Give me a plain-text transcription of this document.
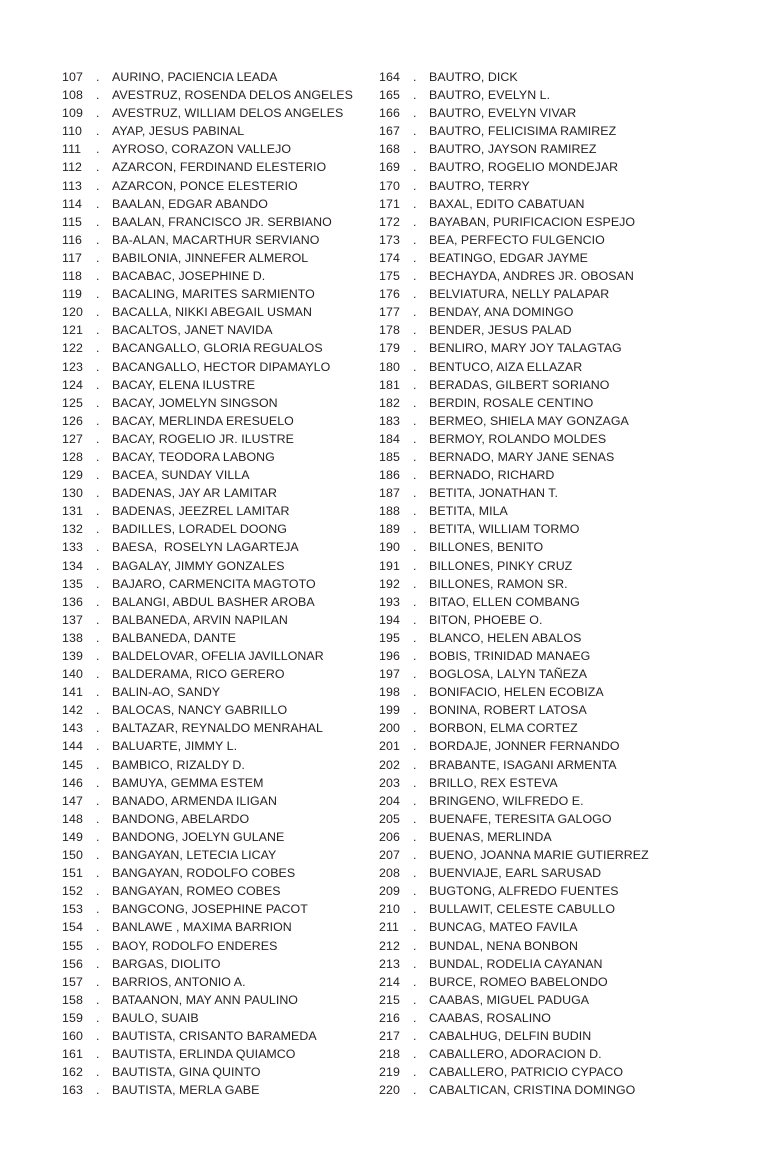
107	.	AURINO, PACIENCIA LEADA
108	.	AVESTRUZ, ROSENDA DELOS ANGELES
109	.	AVESTRUZ, WILLIAM DELOS ANGELES
110	.	AYAP, JESUS PABINAL
111	.	AYROSO, CORAZON VALLEJO
112	.	AZARCON, FERDINAND ELESTERIO
113	.	AZARCON, PONCE ELESTERIO
114	.	BAALAN, EDGAR ABANDO
115	.	BAALAN, FRANCISCO JR. SERBIANO
116	.	BA-ALAN, MACARTHUR SERVIANO
117	.	BABILONIA, JINNEFER ALMEROL
118	.	BACABAC, JOSEPHINE D.
119	.	BACALING, MARITES SARMIENTO
120	.	BACALLA, NIKKI ABEGAIL USMAN
121	.	BACALTOS, JANET NAVIDA
122	.	BACANGALLO, GLORIA REGUALOS
123	.	BACANGALLO, HECTOR DIPAMAYLO
124	.	BACAY, ELENA ILUSTRE
125	.	BACAY, JOMELYN SINGSON
126	.	BACAY, MERLINDA ERESUELO
127	.	BACAY, ROGELIO JR. ILUSTRE
128	.	BACAY, TEODORA LABONG
129	.	BACEA, SUNDAY VILLA
130	.	BADENAS, JAY AR LAMITAR
131	.	BADENAS, JEEZREL LAMITAR
132	.	BADILLES, LORADEL DOONG
133	.	BAESA,  ROSELYN LAGARTEJA
134	.	BAGALAY, JIMMY GONZALES
135	.	BAJARO, CARMENCITA MAGTOTO
136	.	BALANGI, ABDUL BASHER AROBA
137	.	BALBANEDA, ARVIN NAPILAN
138	.	BALBANEDA, DANTE
139	.	BALDELOVAR, OFELIA JAVILLONAR
140	.	BALDERAMA, RICO GERERO
141	.	BALIN-AO, SANDY
142	.	BALOCAS, NANCY GABRILLO
143	.	BALTAZAR, REYNALDO MENRAHAL
144	.	BALUARTE, JIMMY L.
145	.	BAMBICO, RIZALDY D.
146	.	BAMUYA, GEMMA ESTEM
147	.	BANADO, ARMENDA ILIGAN
148	.	BANDONG, ABELARDO
149	.	BANDONG, JOELYN GULANE
150	.	BANGAYAN, LETECIA LICAY
151	.	BANGAYAN, RODOLFO COBES
152	.	BANGAYAN, ROMEO COBES
153	.	BANGCONG, JOSEPHINE PACOT
154	.	BANLAWE , MAXIMA BARRION
155	.	BAOY, RODOLFO ENDERES
156	.	BARGAS, DIOLITO
157	.	BARRIOS, ANTONIO A.
158	.	BATAANON, MAY ANN PAULINO
159	.	BAULO, SUAIB
160	.	BAUTISTA, CRISANTO BARAMEDA
161	.	BAUTISTA, ERLINDA QUIAMCO
162	.	BAUTISTA, GINA QUINTO
163	.	BAUTISTA, MERLA GABE
164	.	BAUTRO, DICK
165	.	BAUTRO, EVELYN L.
166	.	BAUTRO, EVELYN VIVAR
167	.	BAUTRO, FELICISIMA RAMIREZ
168	.	BAUTRO, JAYSON RAMIREZ
169	.	BAUTRO, ROGELIO MONDEJAR
170	.	BAUTRO, TERRY
171	.	BAXAL, EDITO CABATUAN
172	.	BAYABAN, PURIFICACION ESPEJO
173	.	BEA, PERFECTO FULGENCIO
174	.	BEATINGO, EDGAR JAYME
175	.	BECHAYDA, ANDRES JR. OBOSAN
176	.	BELVIATURA, NELLY PALAPAR
177	.	BENDAY, ANA DOMINGO
178	.	BENDER, JESUS PALAD
179	.	BENLIRO, MARY JOY TALAGTAG
180	.	BENTUCO, AIZA ELLAZAR
181	.	BERADAS, GILBERT SORIANO
182	.	BERDIN, ROSALE CENTINO
183	.	BERMEO, SHIELA MAY GONZAGA
184	.	BERMOY, ROLANDO MOLDES
185	.	BERNADO, MARY JANE SENAS
186	.	BERNADO, RICHARD
187	.	BETITA, JONATHAN T.
188	.	BETITA, MILA
189	.	BETITA, WILLIAM TORMO
190	.	BILLONES, BENITO
191	.	BILLONES, PINKY CRUZ
192	.	BILLONES, RAMON SR.
193	.	BITAO, ELLEN COMBANG
194	.	BITON, PHOEBE O.
195	.	BLANCO, HELEN ABALOS
196	.	BOBIS, TRINIDAD MANAEG
197	.	BOGLOSA, LALYN TAÑEZA
198	.	BONIFACIO, HELEN ECOBIZA
199	.	BONINA, ROBERT LATOSA
200	.	BORBON, ELMA CORTEZ
201	.	BORDAJE, JONNER FERNANDO
202	.	BRABANTE, ISAGANI ARMENTA
203	.	BRILLO, REX ESTEVA
204	.	BRINGENO, WILFREDO E.
205	.	BUENAFE, TERESITA GALOGO
206	.	BUENAS, MERLINDA
207	.	BUENO, JOANNA MARIE GUTIERREZ
208	.	BUENVIAJE, EARL SARUSAD
209	.	BUGTONG, ALFREDO FUENTES
210	.	BULLAWIT, CELESTE CABULLO
211	.	BUNCAG, MATEO FAVILA
212	.	BUNDAL, NENA BONBON
213	.	BUNDAL, RODELIA CAYANAN
214	.	BURCE, ROMEO BABELONDO
215	.	CAABAS, MIGUEL PADUGA
216	.	CAABAS, ROSALINO
217	.	CABALHUG, DELFIN BUDIN
218	.	CABALLERO, ADORACION D.
219	.	CABALLERO, PATRICIO CYPACO
220	.	CABALTICAN, CRISTINA DOMINGO
